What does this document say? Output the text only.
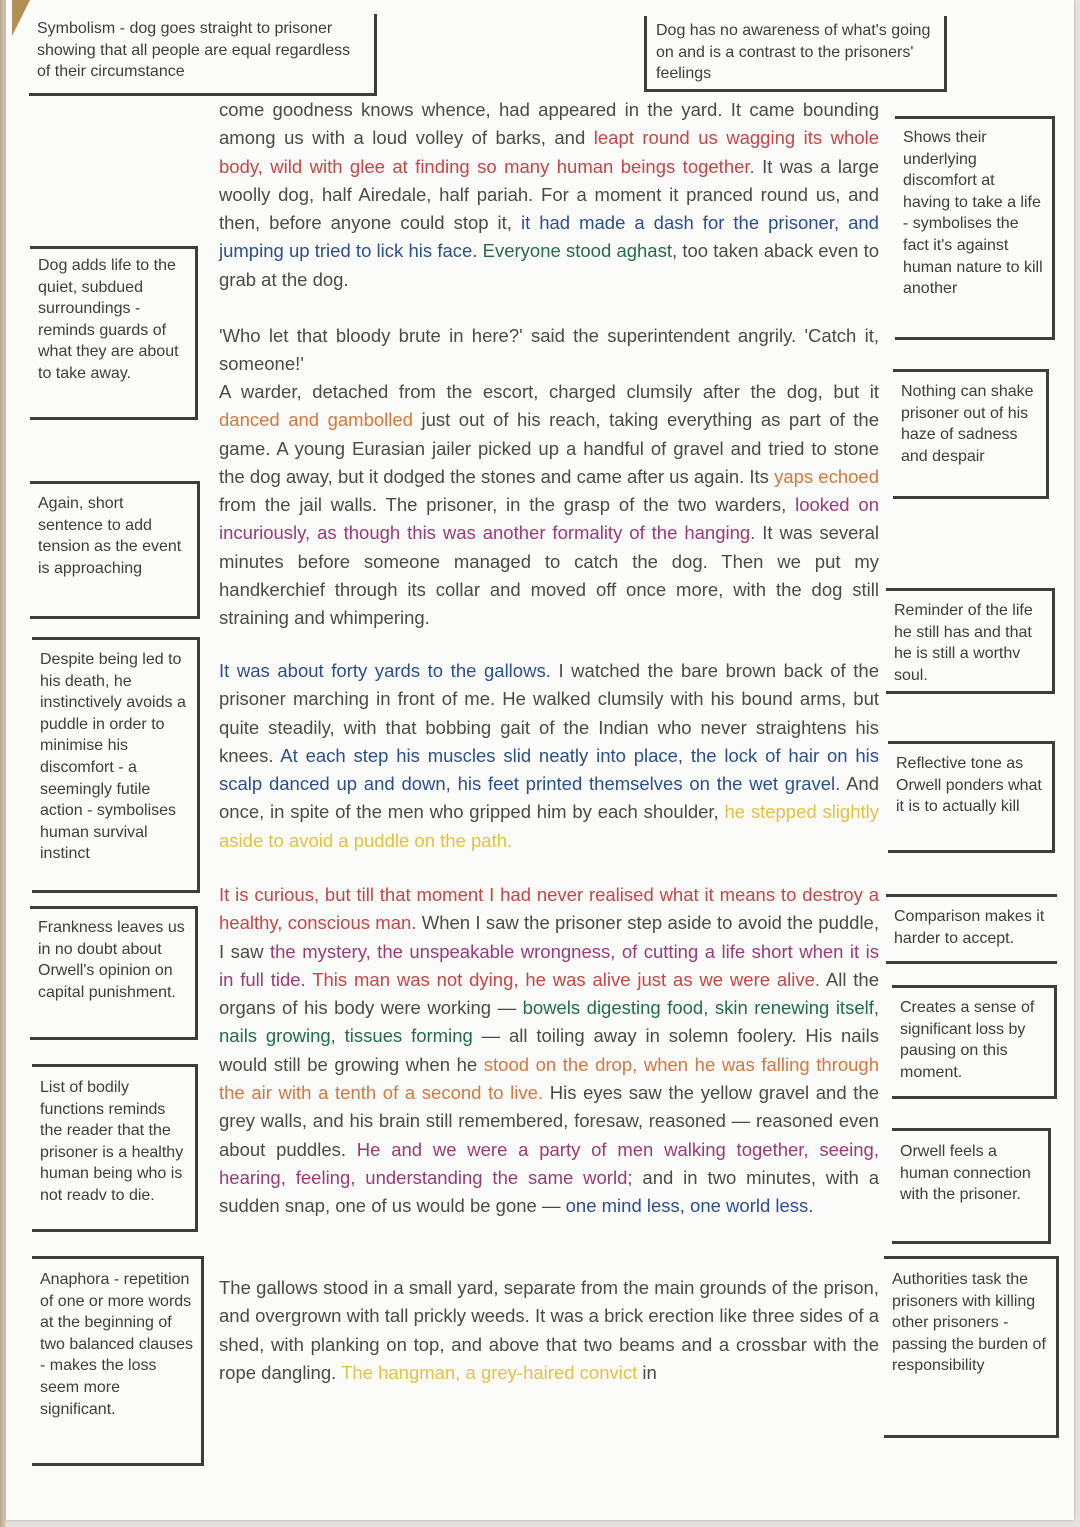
Symbolism - dog goes straight to prisoner showing that all people are equal regardless of their circumstance
Dog has no awareness of what's going on and is a contrast to the prisoners' feelings
Dog adds life to the quiet, subdued surroundings - reminds guards of what they are about to take away.
Again, short sentence to add tension as the event is approaching
Despite being led to his death, he instinctively avoids a puddle in order to minimise his discomfort - a seemingly futile action - symbolises human survival instinct
Frankness leaves us in no doubt about Orwell's opinion on capital punishment.
List of bodily functions reminds the reader that the prisoner is a healthy human being who is not readv to die.
Anaphora - repetition of one or more words at the beginning of two balanced clauses - makes the loss seem more significant.
Shows their underlying discomfort at having to take a life - symbolises the fact it's against human nature to kill another
Nothing can shake prisoner out of his haze of sadness and despair
Reminder of the life he still has and that he is still a worthv soul.
Reflective tone as Orwell ponders what it is to actually kill
Comparison makes it harder to accept.
Creates a sense of significant loss by pausing on this moment.
Orwell feels a human connection with the prisoner.
Authorities task the prisoners with killing other prisoners - passing the burden of responsibility

come goodness knows whence, had appeared in the yard. It came bounding among us with a loud volley of barks, and leapt round us wagging its whole body, wild with glee at finding so many human beings together. It was a large woolly dog, half Airedale, half pariah. For a moment it pranced round us, and then, before anyone could stop it, it had made a dash for the prisoner, and jumping up tried to lick his face. Everyone stood aghast, too taken aback even to grab at the dog.

'Who let that bloody brute in here?' said the superintendent angrily. 'Catch it, someone!'

A warder, detached from the escort, charged clumsily after the dog, but it danced and gambolled just out of his reach, taking everything as part of the game. A young Eurasian jailer picked up a handful of gravel and tried to stone the dog away, but it dodged the stones and came after us again. Its yaps echoed from the jail walls. The prisoner, in the grasp of the two warders, looked on incuriously, as though this was another formality of the hanging. It was several minutes before someone managed to catch the dog. Then we put my handkerchief through its collar and moved off once more, with the dog still straining and whimpering.

It was about forty yards to the gallows. I watched the bare brown back of the prisoner marching in front of me. He walked clumsily with his bound arms, but quite steadily, with that bobbing gait of the Indian who never straightens his knees. At each step his muscles slid neatly into place, the lock of hair on his scalp danced up and down, his feet printed themselves on the wet gravel. And once, in spite of the men who gripped him by each shoulder, he stepped slightly aside to avoid a puddle on the path.

It is curious, but till that moment I had never realised what it means to destroy a healthy, conscious man. When I saw the prisoner step aside to avoid the puddle, I saw the mystery, the unspeakable wrongness, of cutting a life short when it is in full tide. This man was not dying, he was alive just as we were alive. All the organs of his body were working — bowels digesting food, skin renewing itself, nails growing, tissues forming — all toiling away in solemn foolery. His nails would still be growing when he stood on the drop, when he was falling through the air with a tenth of a second to live. His eyes saw the yellow gravel and the grey walls, and his brain still remembered, foresaw, reasoned — reasoned even about puddles. He and we were a party of men walking together, seeing, hearing, feeling, understanding the same world; and in two minutes, with a sudden snap, one of us would be gone — one mind less, one world less.

The gallows stood in a small yard, separate from the main grounds of the prison, and overgrown with tall prickly weeds. It was a brick erection like three sides of a shed, with planking on top, and above that two beams and a crossbar with the rope dangling. The hangman, a grey-haired convict in
